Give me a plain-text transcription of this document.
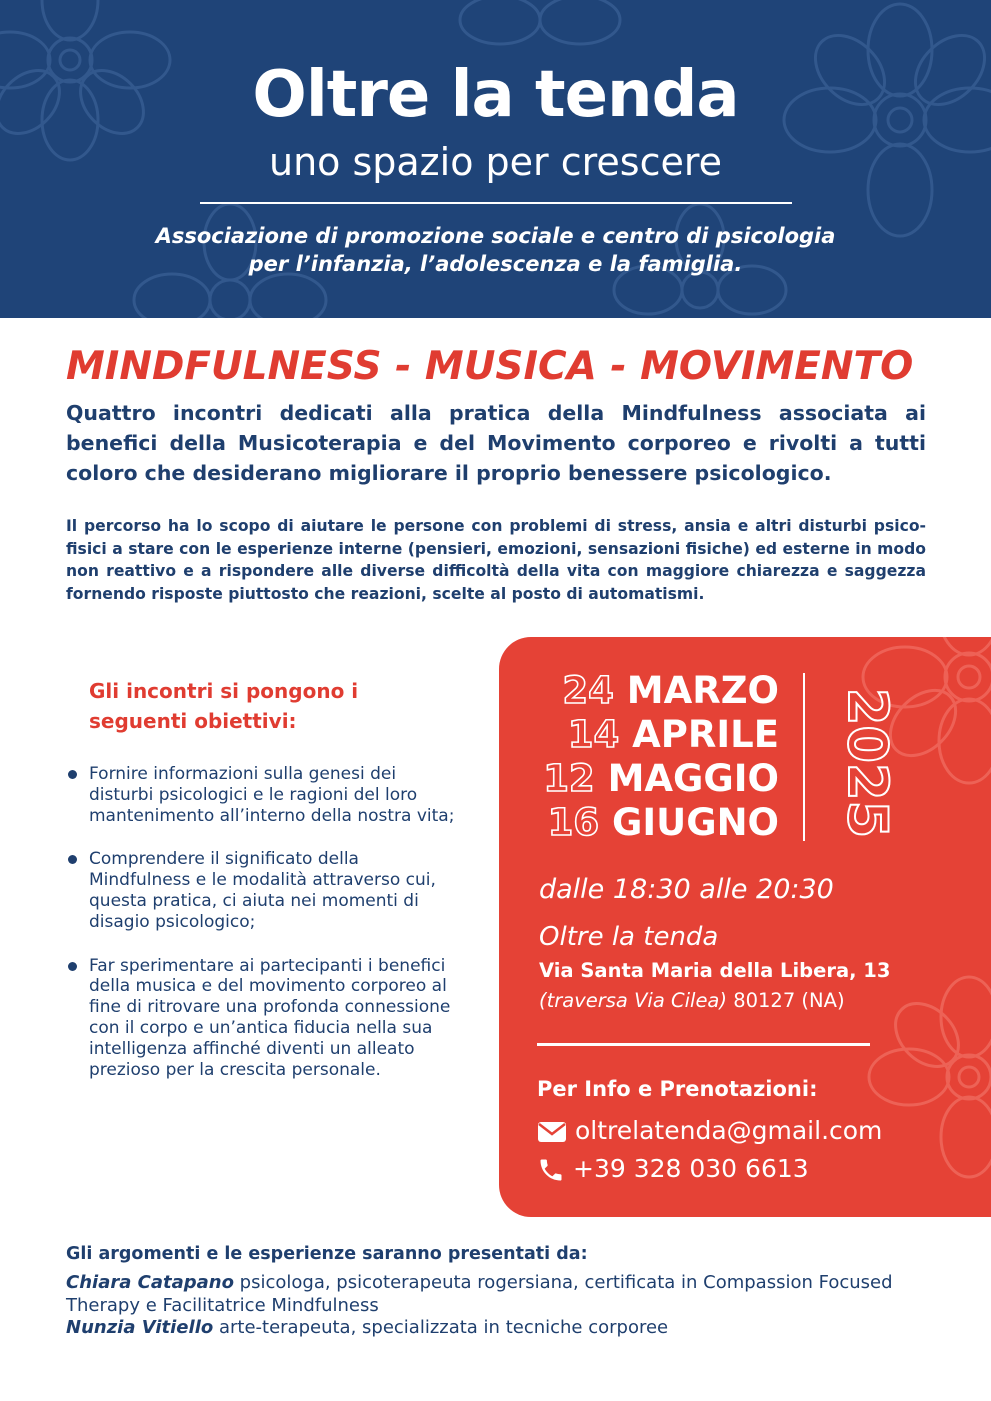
Oltre la tenda
uno spazio per crescere
Associazione di promozione sociale e centro di psicologia
per l’infanzia, l’adolescenza e la famiglia.
MINDFULNESS - MUSICA - MOVIMENTO
Quattro incontri dedicati alla pratica della Mindfulness associata ai benefici della Musicoterapia e del Movimento corporeo e rivolti a tutti coloro che desiderano migliorare il proprio benessere psicologico.
Il percorso ha lo scopo di aiutare le persone con problemi di stress, ansia e altri disturbi psico-fisici a stare con le esperienze interne (pensieri, emozioni, sensazioni fisiche) ed esterne in modo non reattivo e a rispondere alle diverse difficoltà della vita con maggiore chiarezza e saggezza fornendo risposte piuttosto che reazioni, scelte al posto di automatismi.
Gli incontri si pongono i
seguenti obiettivi:
Fornire informazioni sulla genesi dei disturbi psicologici e le ragioni del loro mantenimento all’interno della nostra vita;
Comprendere il significato della Mindfulness e le modalità attraverso cui, questa pratica, ci aiuta nei momenti di disagio psicologico;
Far sperimentare ai partecipanti i benefici della musica e del movimento corporeo al fine di ritrovare una profonda connessione con il corpo e un’antica fiducia nella sua intelligenza affinché diventi un alleato prezioso per la crescita personale.
24 MARZO
14 APRILE
12 MAGGIO
16 GIUGNO 2025
dalle 18:30 alle 20:30
Oltre la tenda
Via Santa Maria della Libera, 13
(traversa Via Cilea) 80127 (NA)
Per Info e Prenotazioni:
oltrelatenda@gmail.com
+39 328 030 6613
Gli argomenti e le esperienze saranno presentati da:
Chiara Catapano psicologa, psicoterapeuta rogersiana, certificata in Compassion Focused Therapy e Facilitatrice Mindfulness
Nunzia Vitiello arte-terapeuta, specializzata in tecniche corporee
